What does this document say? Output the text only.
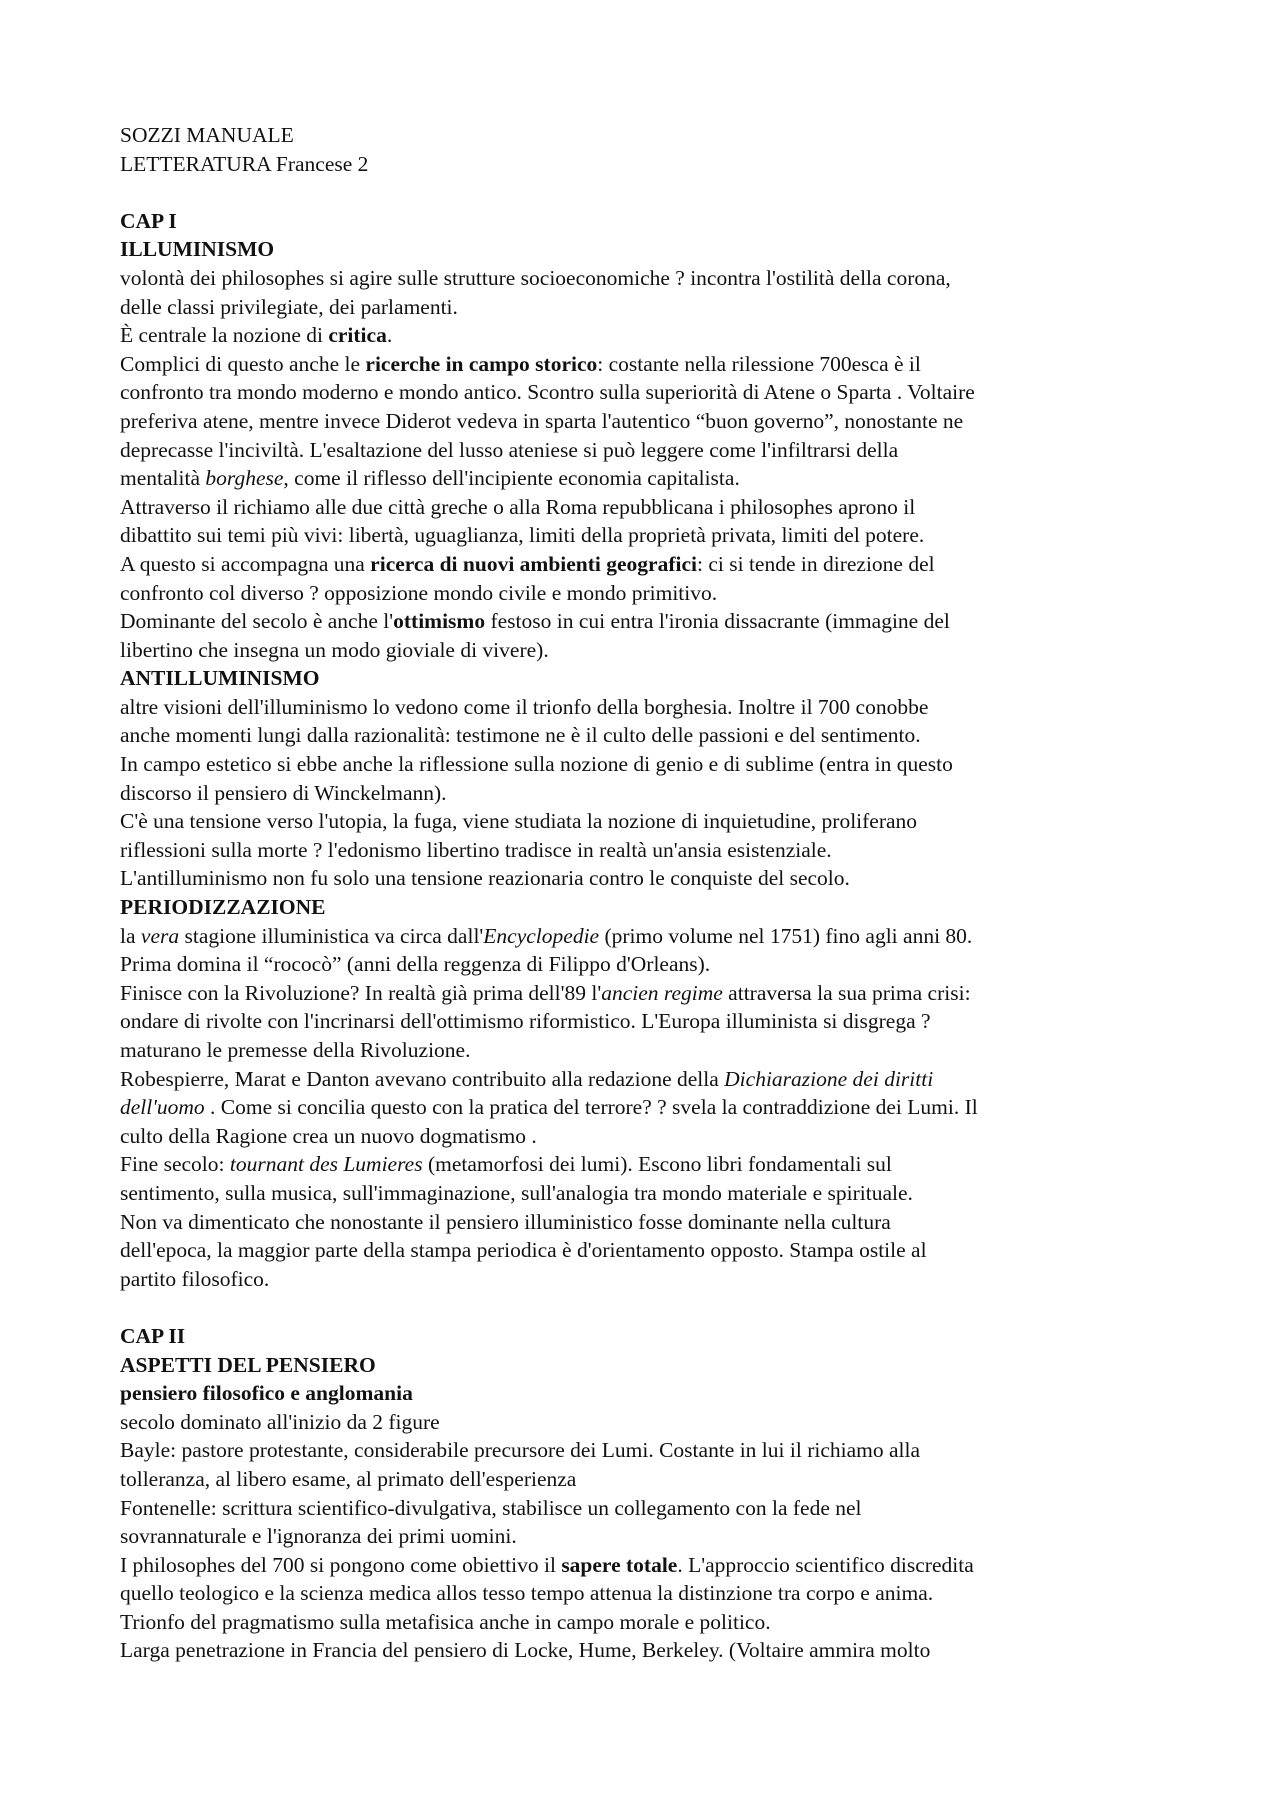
SOZZI MANUALE
LETTERATURA Francese 2
CAP I
ILLUMINISMO
volontà dei philosophes si agire sulle strutture socioeconomiche ? incontra l'ostilità della corona,
delle classi privilegiate, dei parlamenti.
È centrale la nozione di critica.
Complici di questo anche le ricerche in campo storico: costante nella rilessione 700esca è il
confronto tra mondo moderno e mondo antico. Scontro sulla superiorità di Atene o Sparta . Voltaire
preferiva atene, mentre invece Diderot vedeva in sparta l'autentico “buon governo”, nonostante ne
deprecasse l'inciviltà. L'esaltazione del lusso ateniese si può leggere come l'infiltrarsi della
mentalità borghese, come il riflesso dell'incipiente economia capitalista.
Attraverso il richiamo alle due città greche o alla Roma repubblicana i philosophes aprono il
dibattito sui temi più vivi: libertà, uguaglianza, limiti della proprietà privata, limiti del potere.
A questo si accompagna una ricerca di nuovi ambienti geografici: ci si tende in direzione del
confronto col diverso ? opposizione mondo civile e mondo primitivo.
Dominante del secolo è anche l'ottimismo festoso in cui entra l'ironia dissacrante (immagine del
libertino che insegna un modo gioviale di vivere).
ANTILLUMINISMO
altre visioni dell'illuminismo lo vedono come il trionfo della borghesia. Inoltre il 700 conobbe
anche momenti lungi dalla razionalità: testimone ne è il culto delle passioni e del sentimento.
In campo estetico si ebbe anche la riflessione sulla nozione di genio e di sublime (entra in questo
discorso il pensiero di Winckelmann).
C'è una tensione verso l'utopia, la fuga, viene studiata la nozione di inquietudine, proliferano
riflessioni sulla morte ? l'edonismo libertino tradisce in realtà un'ansia esistenziale.
L'antilluminismo non fu solo una tensione reazionaria contro le conquiste del secolo.
PERIODIZZAZIONE
la vera stagione illuministica va circa dall'Encyclopedie (primo volume nel 1751) fino agli anni 80.
Prima domina il “rococò” (anni della reggenza di Filippo d'Orleans).
Finisce con la Rivoluzione? In realtà già prima dell'89 l'ancien regime attraversa la sua prima crisi:
ondare di rivolte con l'incrinarsi dell'ottimismo riformistico. L'Europa illuminista si disgrega ?
maturano le premesse della Rivoluzione.
Robespierre, Marat e Danton avevano contribuito alla redazione della Dichiarazione dei diritti
dell'uomo . Come si concilia questo con la pratica del terrore? ? svela la contraddizione dei Lumi. Il
culto della Ragione crea un nuovo dogmatismo .
Fine secolo: tournant des Lumieres (metamorfosi dei lumi). Escono libri fondamentali sul
sentimento, sulla musica, sull'immaginazione, sull'analogia tra mondo materiale e spirituale.
Non va dimenticato che nonostante il pensiero illuministico fosse dominante nella cultura
dell'epoca, la maggior parte della stampa periodica è d'orientamento opposto. Stampa ostile al
partito filosofico.
CAP II
ASPETTI DEL PENSIERO
pensiero filosofico e anglomania
secolo dominato all'inizio da 2 figure
Bayle: pastore protestante, considerabile precursore dei Lumi. Costante in lui il richiamo alla
tolleranza, al libero esame, al primato dell'esperienza
Fontenelle: scrittura scientifico-divulgativa, stabilisce un collegamento con la fede nel
sovrannaturale e l'ignoranza dei primi uomini.
I philosophes del 700 si pongono come obiettivo il sapere totale. L'approccio scientifico discredita
quello teologico e la scienza medica allos tesso tempo attenua la distinzione tra corpo e anima.
Trionfo del pragmatismo sulla metafisica anche in campo morale e politico.
Larga penetrazione in Francia del pensiero di Locke, Hume, Berkeley. (Voltaire ammira molto
